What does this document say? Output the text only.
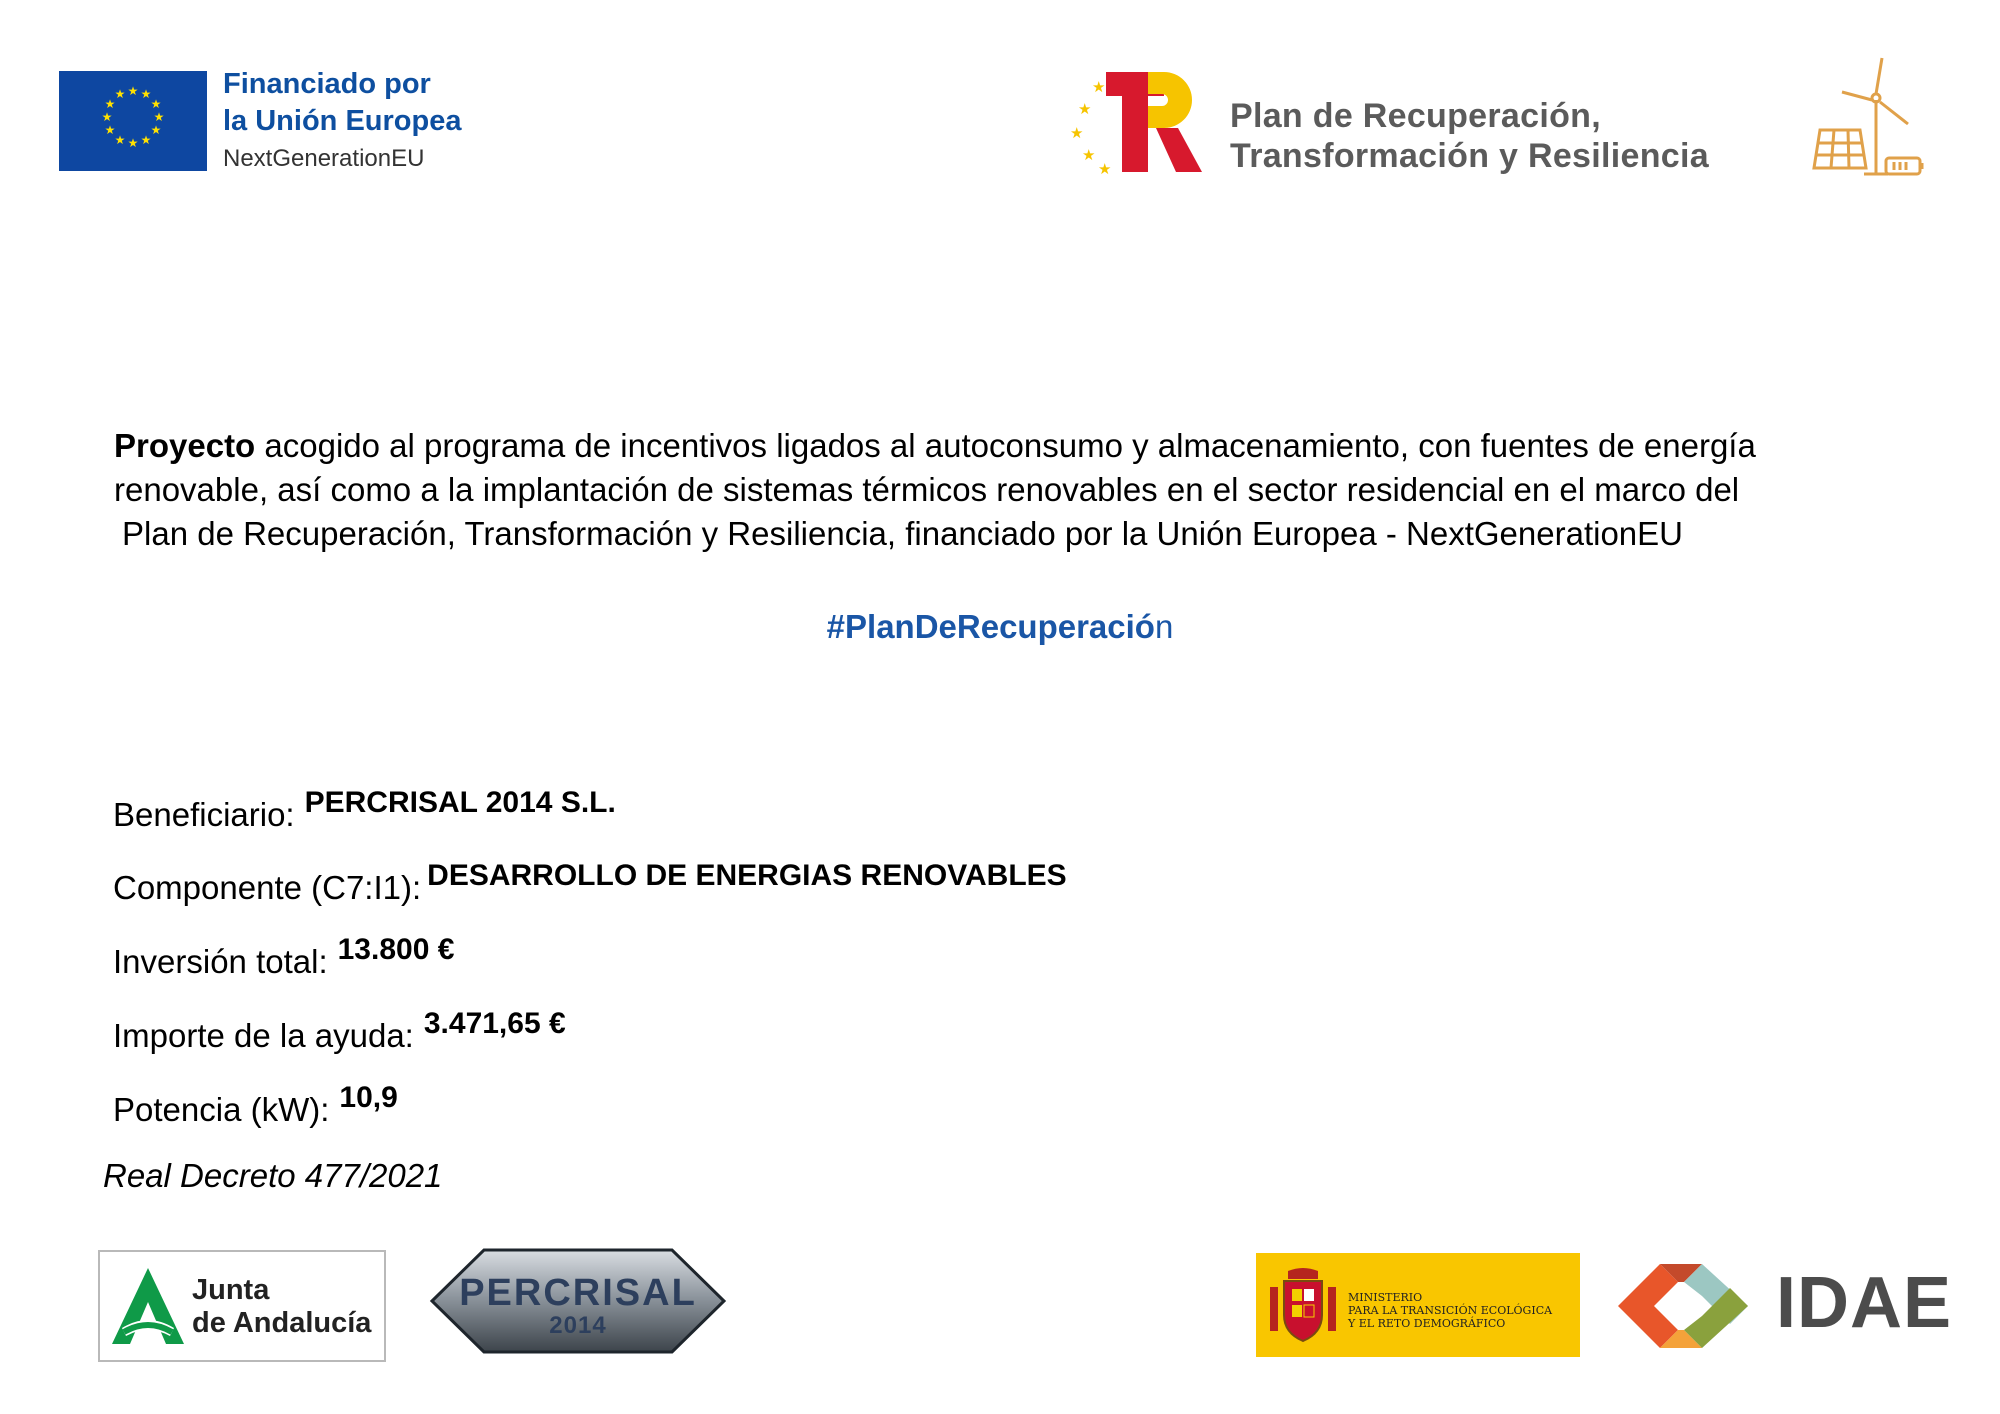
★ ★
★
★
★
★
★
★
★
★
★
★	Financiado por
la Unión Europea
NextGenerationEU
★
★
★
★
★
Plan de Recuperación,
Transformación y Resiliencia
Proyecto acogido al programa de incentivos ligados al autoconsumo y almacenamiento, con fuentes de energía
renovable, así como a la implantación de sistemas térmicos renovables en el sector residencial en el marco del
Plan de Recuperación, Transformación y Resiliencia, financiado por la Unión Europea - NextGenerationEU
#PlanDeRecuperación
Beneficiario: PERCRISAL 2014 S.L.
Componente (C7:I1): DESARROLLO DE ENERGIAS RENOVABLES
Inversión total: 13.800 €
Importe de la ayuda: 3.471,65 €
Potencia (kW): 10,9
Real Decreto 477/2021
Junta
de Andalucía
PERCRISAL
2014
MINISTERIO
PARA LA TRANSICIÓN ECOLÓGICA
Y EL RETO DEMOGRÁFICO	IDAE
